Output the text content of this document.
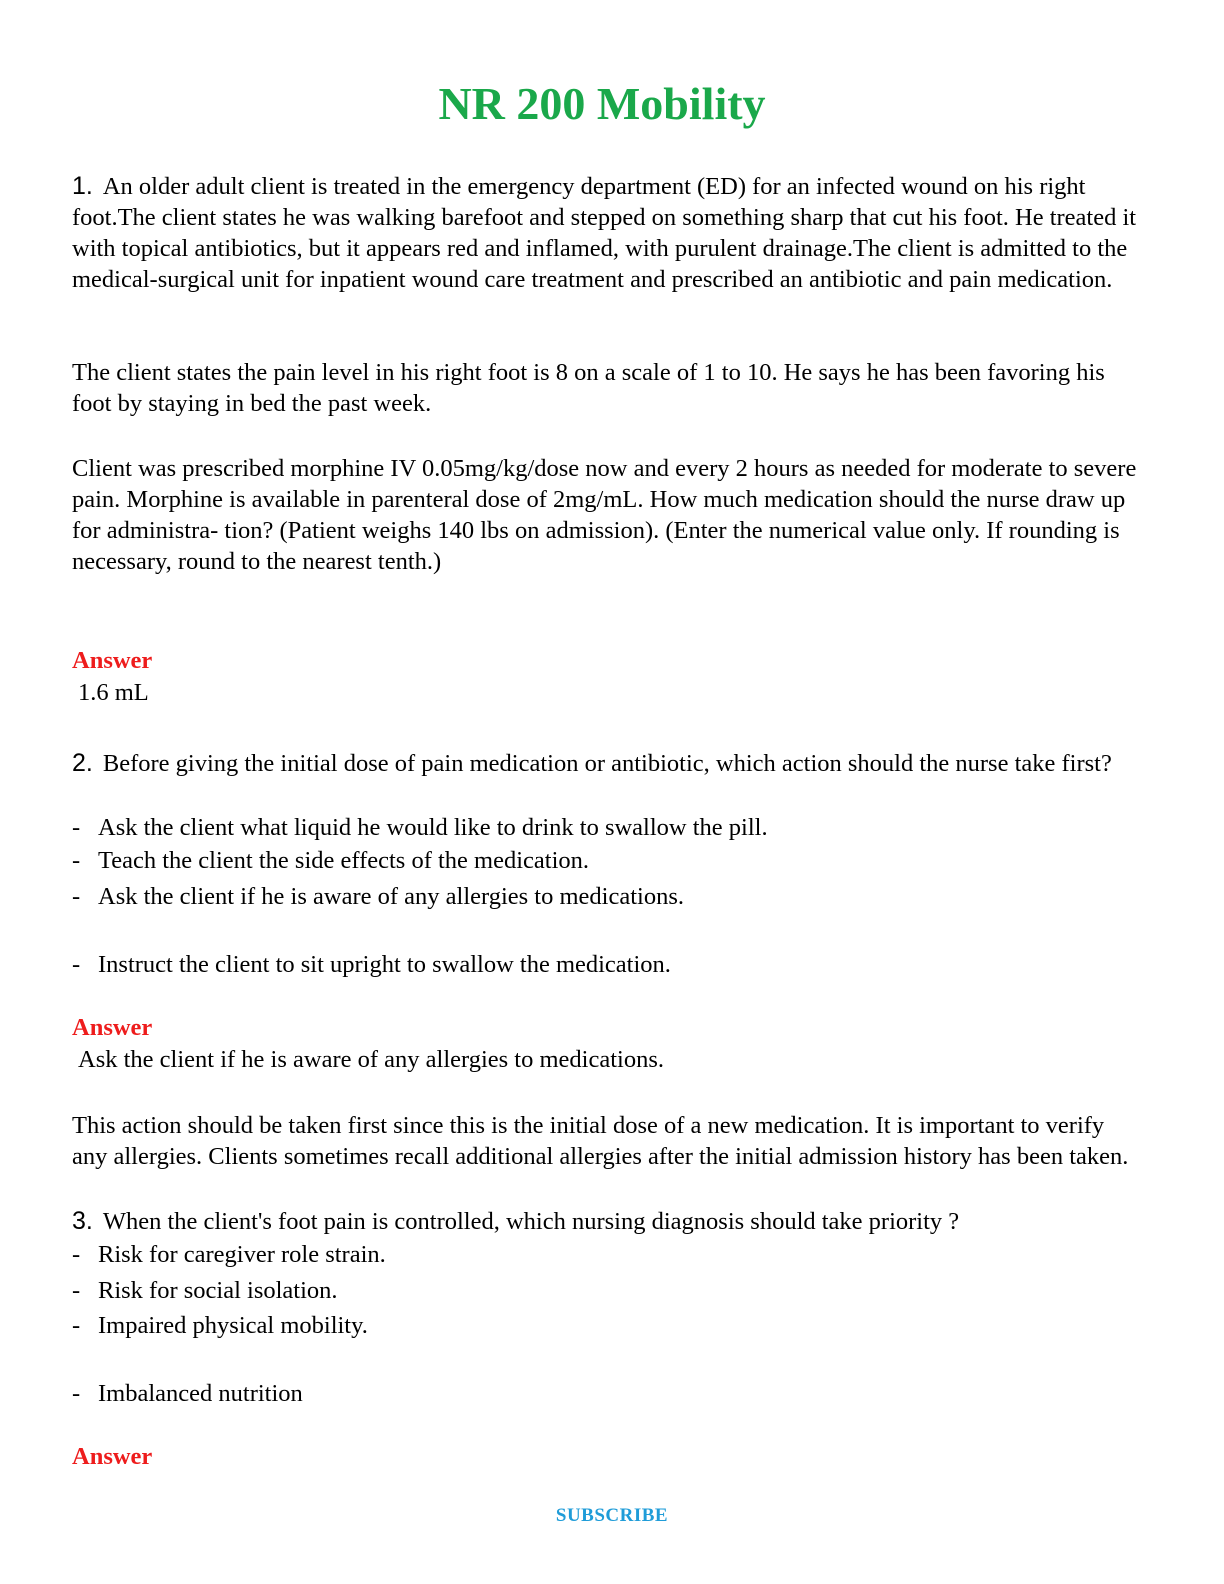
NR 200 Mobility
1. An older adult client is treated in the emergency department (ED) for an infected wound on his right foot.The client states he was walking barefoot and stepped on something sharp that cut his foot. He treated it with topical antibiotics, but it appears red and inflamed, with purulent drainage.The client is admitted to the medical-surgical unit for inpatient wound care treatment and prescribed an antibiotic and pain medication.
The client states the pain level in his right foot is 8 on a scale of 1 to 10. He says he has been favoring his foot by staying in bed the past week.
Client was prescribed morphine IV 0.05mg/kg/dose now and every 2 hours as needed for moderate to severe pain. Morphine is available in parenteral dose of 2mg/mL. How much medication should the nurse draw up for administra- tion? (Patient weighs 140 lbs on admission). (Enter the numerical value only. If rounding is necessary, round to the nearest tenth.)
Answer
1.6 mL
2. Before giving the initial dose of pain medication or antibiotic, which action should the nurse take first?
- Ask the client what liquid he would like to drink to swallow the pill.
- Teach the client the side effects of the medication.
- Ask the client if he is aware of any allergies to medications.
- Instruct the client to sit upright to swallow the medication.
Answer
Ask the client if he is aware of any allergies to medications.
This action should be taken first since this is the initial dose of a new medication. It is important to verify any allergies. Clients sometimes recall additional allergies after the initial admission history has been taken.
3. When the client's foot pain is controlled, which nursing diagnosis should take priority ?
- Risk for caregiver role strain.
- Risk for social isolation.
- Impaired physical mobility.
- Imbalanced nutrition
Answer
SUBSCRIBE
